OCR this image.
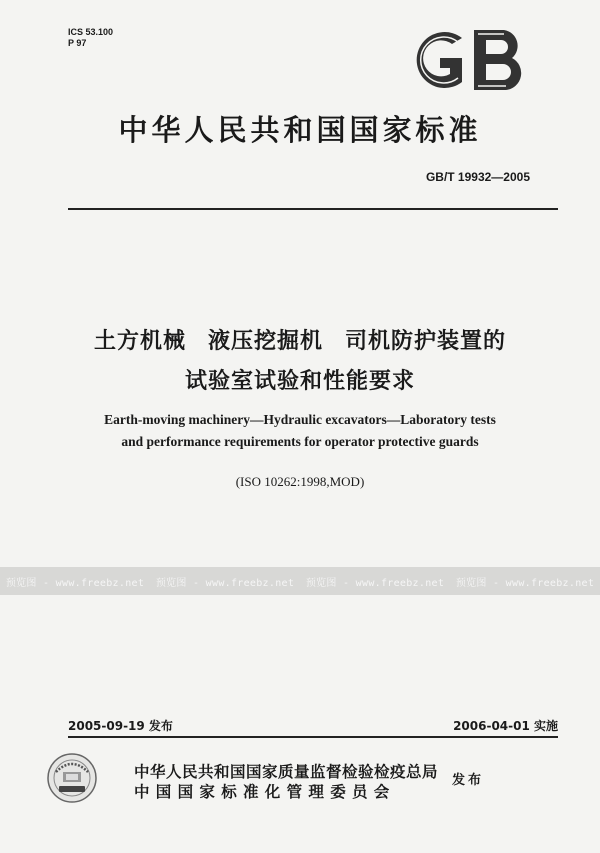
ICS 53.100
P 97
中华人民共和国国家标准
GB/T 19932—2005
土方机械 液压挖掘机 司机防护装置的
试验室试验和性能要求
Earth-moving machinery—Hydraulic excavators—Laboratory tests
and performance requirements for operator protective guards
(ISO 10262:1998,MOD)
预览图 - www.freebz.net 预览图 - www.freebz.net 预览图 - www.freebz.net 预览图 - www.freebz.net
2005-09-19 发布	2006-04-01 实施
中华人民共和国国家质量监督检验检疫总局
中国国家标准化管理委员会
发布
